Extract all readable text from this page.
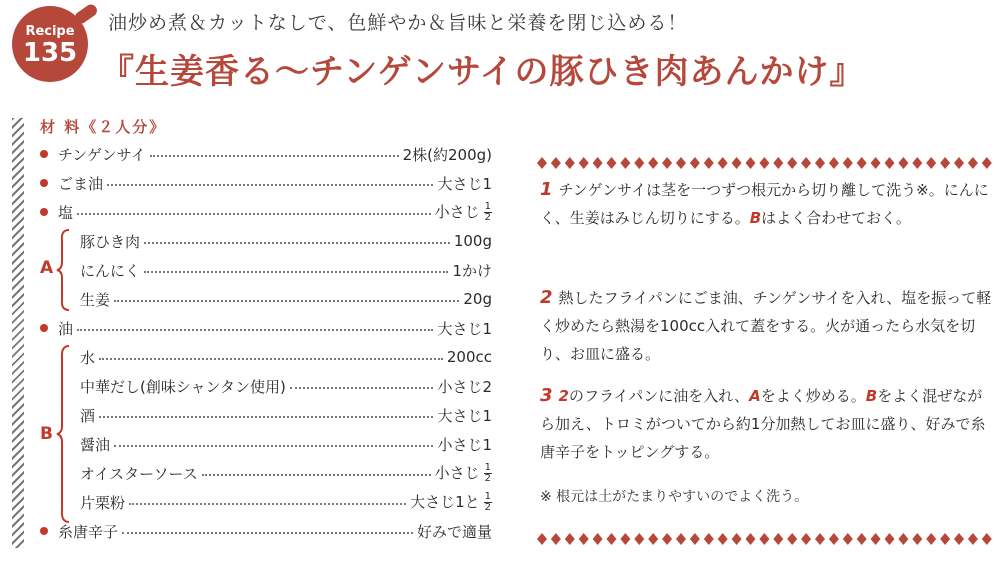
Recipe
135
油炒め煮＆カットなしで、色鮮やか＆旨味と栄養を閉じ込める！
『生姜香る～チンゲンサイの豚ひき肉あんかけ』
材 料《２人分》
チンゲンサイ	2株(約200g)
ごま油	大さじ1
塩	小さじ $\frac{1}{2}$
豚ひき肉	100g
にんにく	1かけ
生姜	20g
油	大さじ1
水	200cc
中華だし(創味シャンタン使用)	小さじ2
酒	大さじ1
醤油	小さじ1
オイスターソース	小さじ $\frac{1}{2}$
片栗粉	大さじ1と $\frac{1}{2}$
糸唐辛子	好みで適量
A
B
1 チンゲンサイは茎を一つずつ根元から切り離して洗う※。にんにく、生姜はみじん切りにする。Bはよく合わせておく。
2 熱したフライパンにごま油、チンゲンサイを入れ、塩を振って軽く炒めたら熱湯を100cc入れて蓋をする。火が通ったら水気を切り、お皿に盛る。
3 2のフライパンに油を入れ、Aをよく炒める。Bをよく混ぜながら加え、トロミがついてから約1分加熱してお皿に盛り、好みで糸唐辛子をトッピングする。
※ 根元は土がたまりやすいのでよく洗う。
